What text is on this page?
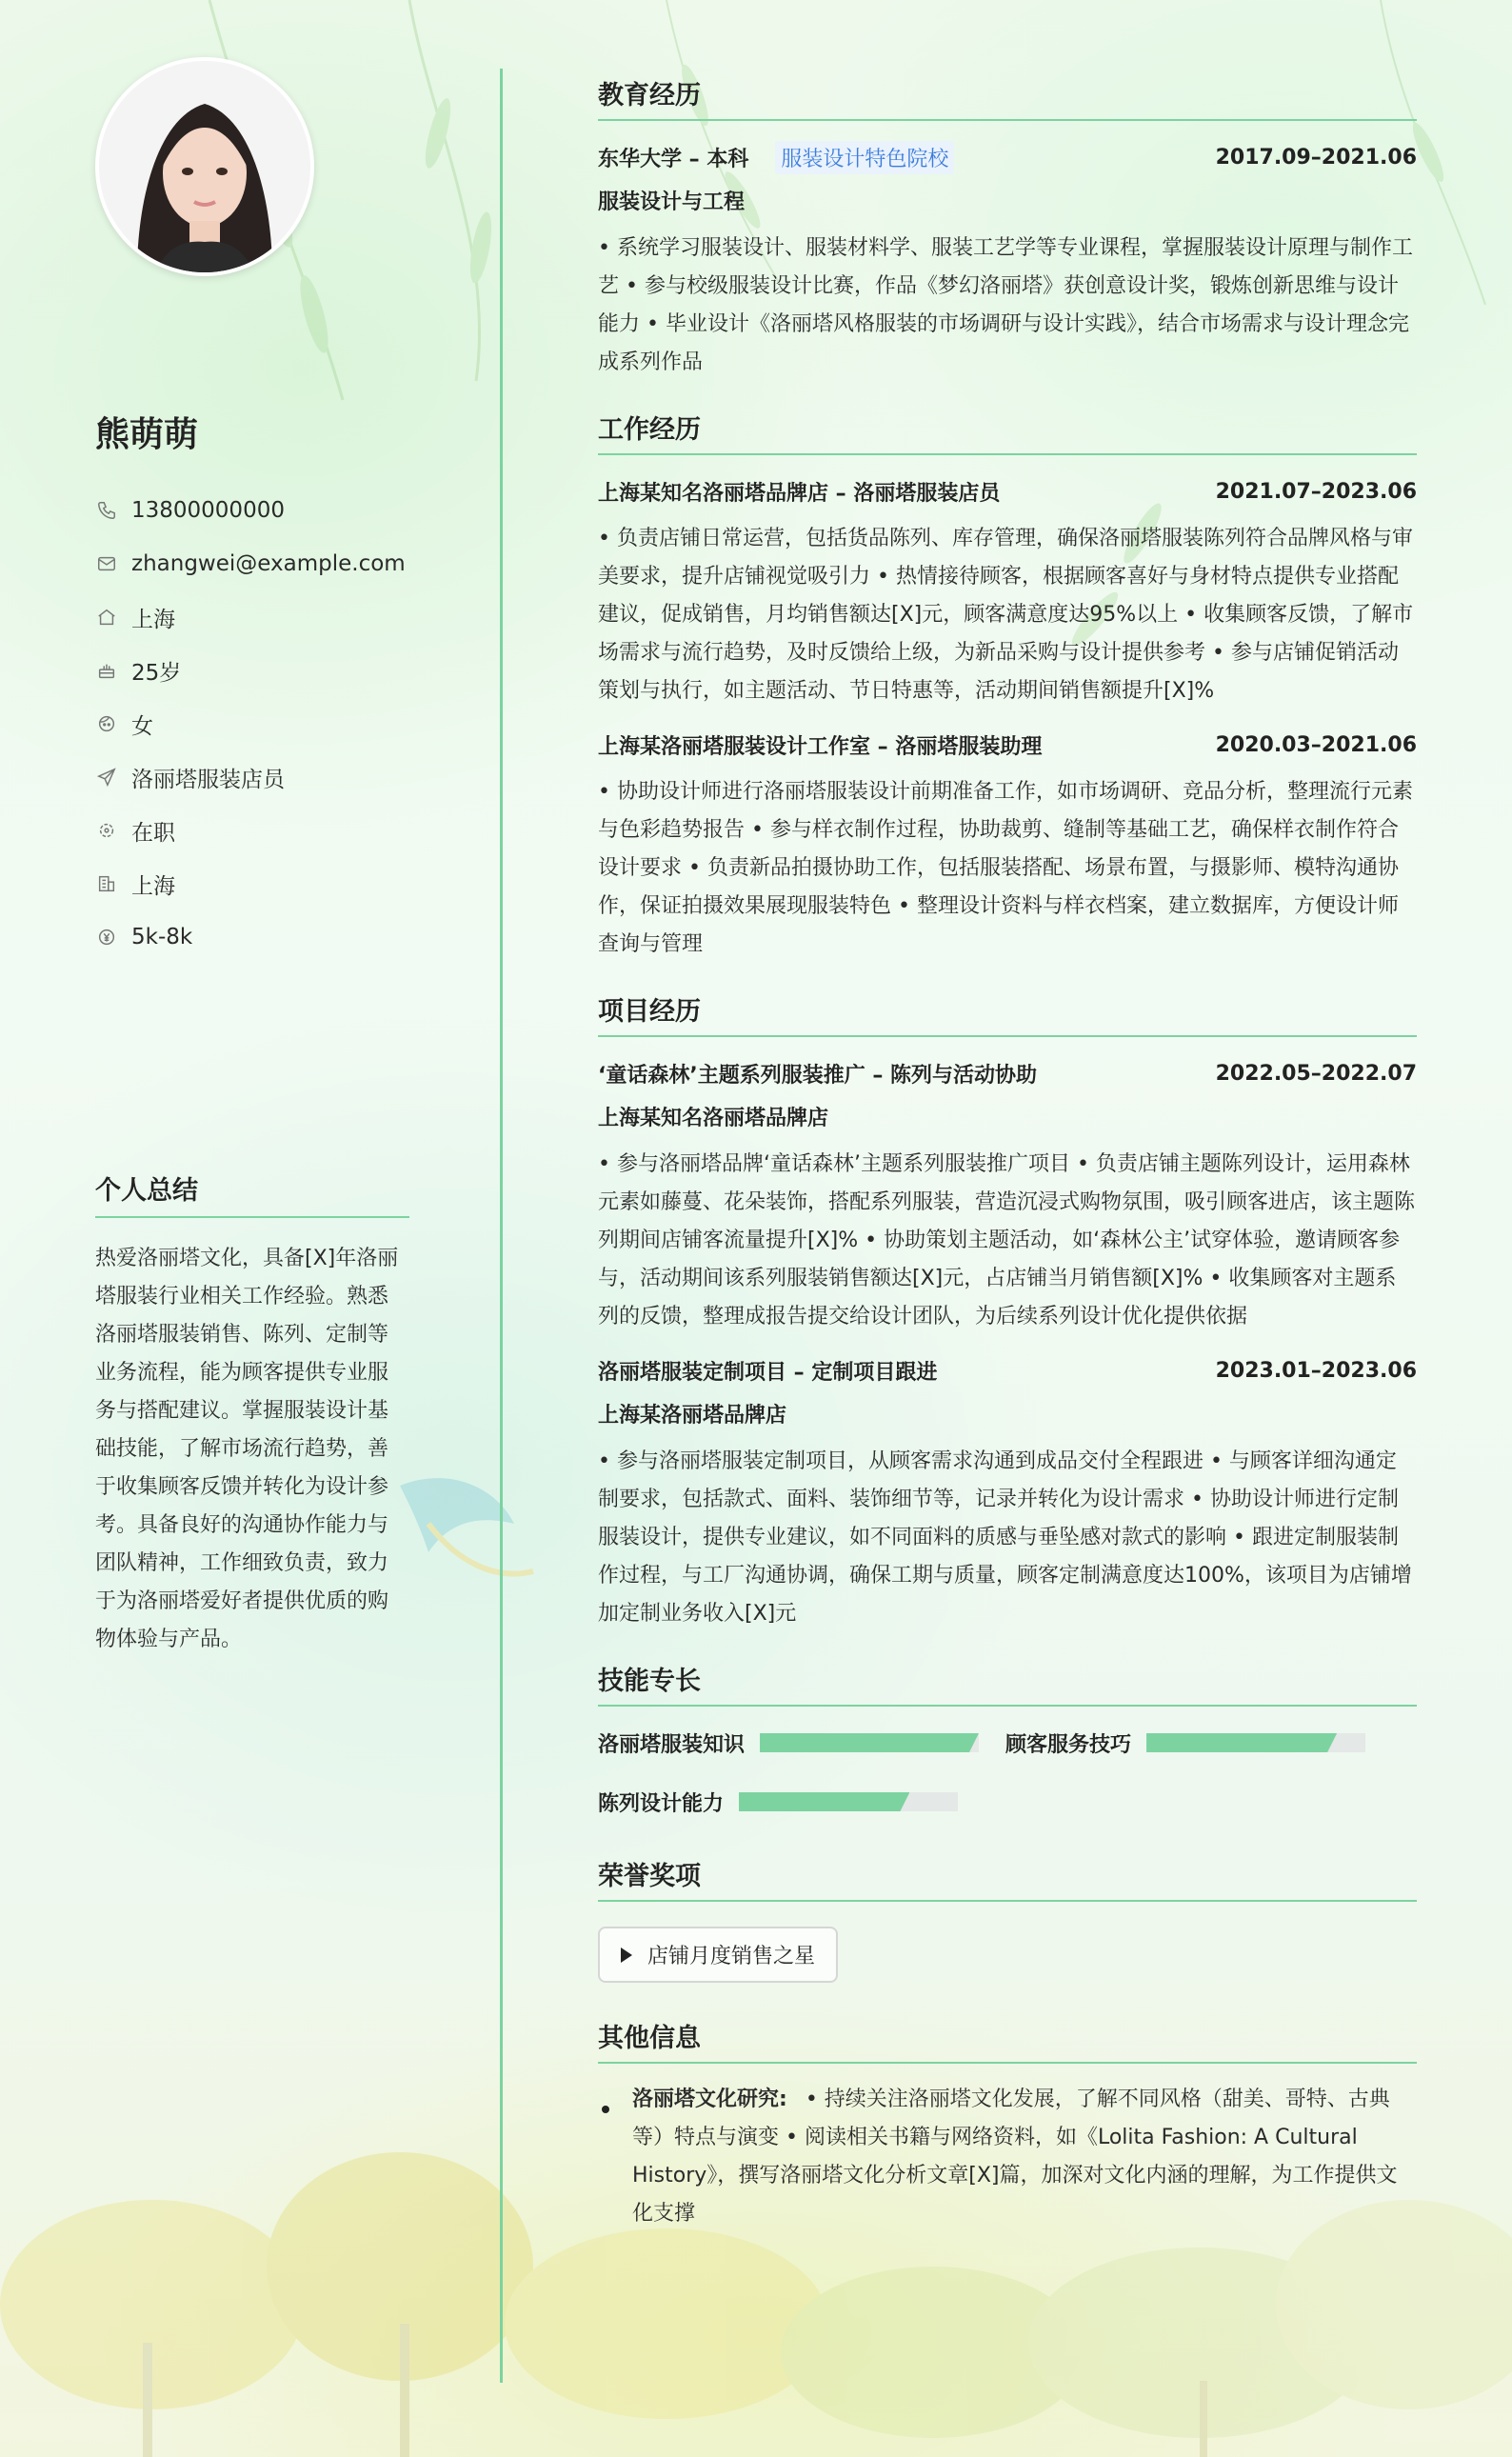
熊萌萌
13800000000
zhangwei@example.com
上海
25岁
女
洛丽塔服装店员
在职
上海
5k-8k
个人总结
热爱洛丽塔文化，具备[X]年洛丽塔服装行业相关工作经验。熟悉洛丽塔服装销售、陈列、定制等业务流程，能为顾客提供专业服务与搭配建议。掌握服装设计基础技能，了解市场流行趋势，善于收集顾客反馈并转化为设计参考。具备良好的沟通协作能力与团队精神，工作细致负责，致力于为洛丽塔爱好者提供优质的购物体验与产品。
教育经历
东华大学 – 本科 服装设计特色院校	2017.09–2021.06
服装设计与工程

• 系统学习服装设计、服装材料学、服装工艺学等专业课程，掌握服装设计原理与制作工艺 • 参与校级服装设计比赛，作品《梦幻洛丽塔》获创意设计奖，锻炼创新思维与设计能力 • 毕业设计《洛丽塔风格服装的市场调研与设计实践》，结合市场需求与设计理念完成系列作品

工作经历
上海某知名洛丽塔品牌店 – 洛丽塔服装店员	2021.07–2023.06

• 负责店铺日常运营，包括货品陈列、库存管理，确保洛丽塔服装陈列符合品牌风格与审美要求，提升店铺视觉吸引力 • 热情接待顾客，根据顾客喜好与身材特点提供专业搭配建议，促成销售，月均销售额达[X]元，顾客满意度达95%以上 • 收集顾客反馈，了解市场需求与流行趋势，及时反馈给上级，为新品采购与设计提供参考 • 参与店铺促销活动策划与执行，如主题活动、节日特惠等，活动期间销售额提升[X]%

上海某洛丽塔服装设计工作室 – 洛丽塔服装助理	2020.03–2021.06

• 协助设计师进行洛丽塔服装设计前期准备工作，如市场调研、竞品分析，整理流行元素与色彩趋势报告 • 参与样衣制作过程，协助裁剪、缝制等基础工艺，确保样衣制作符合设计要求 • 负责新品拍摄协助工作，包括服装搭配、场景布置，与摄影师、模特沟通协作，保证拍摄效果展现服装特色 • 整理设计资料与样衣档案，建立数据库，方便设计师查询与管理

项目经历
‘童话森林’主题系列服装推广 – 陈列与活动协助	2022.05–2022.07
上海某知名洛丽塔品牌店

• 参与洛丽塔品牌‘童话森林’主题系列服装推广项目 • 负责店铺主题陈列设计，运用森林元素如藤蔓、花朵装饰，搭配系列服装，营造沉浸式购物氛围，吸引顾客进店，该主题陈列期间店铺客流量提升[X]% • 协助策划主题活动，如‘森林公主’试穿体验，邀请顾客参与，活动期间该系列服装销售额达[X]元，占店铺当月销售额[X]% • 收集顾客对主题系列的反馈，整理成报告提交给设计团队，为后续系列设计优化提供依据

洛丽塔服装定制项目 – 定制项目跟进	2023.01–2023.06
上海某洛丽塔品牌店

• 参与洛丽塔服装定制项目，从顾客需求沟通到成品交付全程跟进 • 与顾客详细沟通定制要求，包括款式、面料、装饰细节等，记录并转化为设计需求 • 协助设计师进行定制服装设计，提供专业建议，如不同面料的质感与垂坠感对款式的影响 • 跟进定制服装制作过程，与工厂沟通协调，确保工期与质量，顾客定制满意度达100%，该项目为店铺增加定制业务收入[X]元

技能专长
洛丽塔服装知识	顾客服务技巧
陈列设计能力
荣誉奖项
店铺月度销售之星
其他信息
洛丽塔文化研究: • 持续关注洛丽塔文化发展，了解不同风格（甜美、哥特、古典等）特点与演变 • 阅读相关书籍与网络资料，如《Lolita Fashion: A Cultural History》，撰写洛丽塔文化分析文章[X]篇，加深对文化内涵的理解，为工作提供文化支撑
